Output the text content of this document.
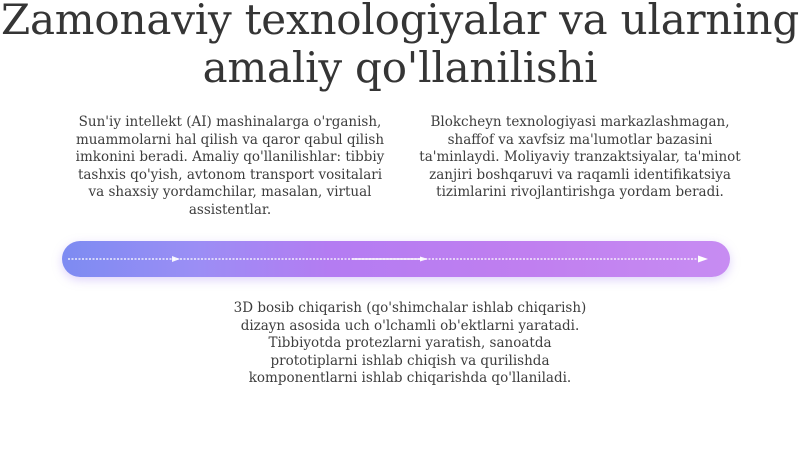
Zamonaviy texnologiyalar va ularning amaliy qo'llanilishi
Sun'iy intellekt (AI) mashinalarga o'rganish, muammolarni hal qilish va qaror qabul qilish imkonini beradi. Amaliy qo'llanilishlar: tibbiy tashxis qo'yish, avtonom transport vositalari va shaxsiy yordamchilar, masalan, virtual assistentlar.
Blokcheyn texnologiyasi markazlashmagan, shaffof va xavfsiz ma'lumotlar bazasini ta'minlaydi. Moliyaviy tranzaktsiyalar, ta'minot zanjiri boshqaruvi va raqamli identifikatsiya tizimlarini rivojlantirishga yordam beradi.
3D bosib chiqarish (qo'shimchalar ishlab chiqarish) dizayn asosida uch o'lchamli ob'ektlarni yaratadi. Tibbiyotda protezlarni yaratish, sanoatda prototiplarni ishlab chiqish va qurilishda komponentlarni ishlab chiqarishda qo'llaniladi.
